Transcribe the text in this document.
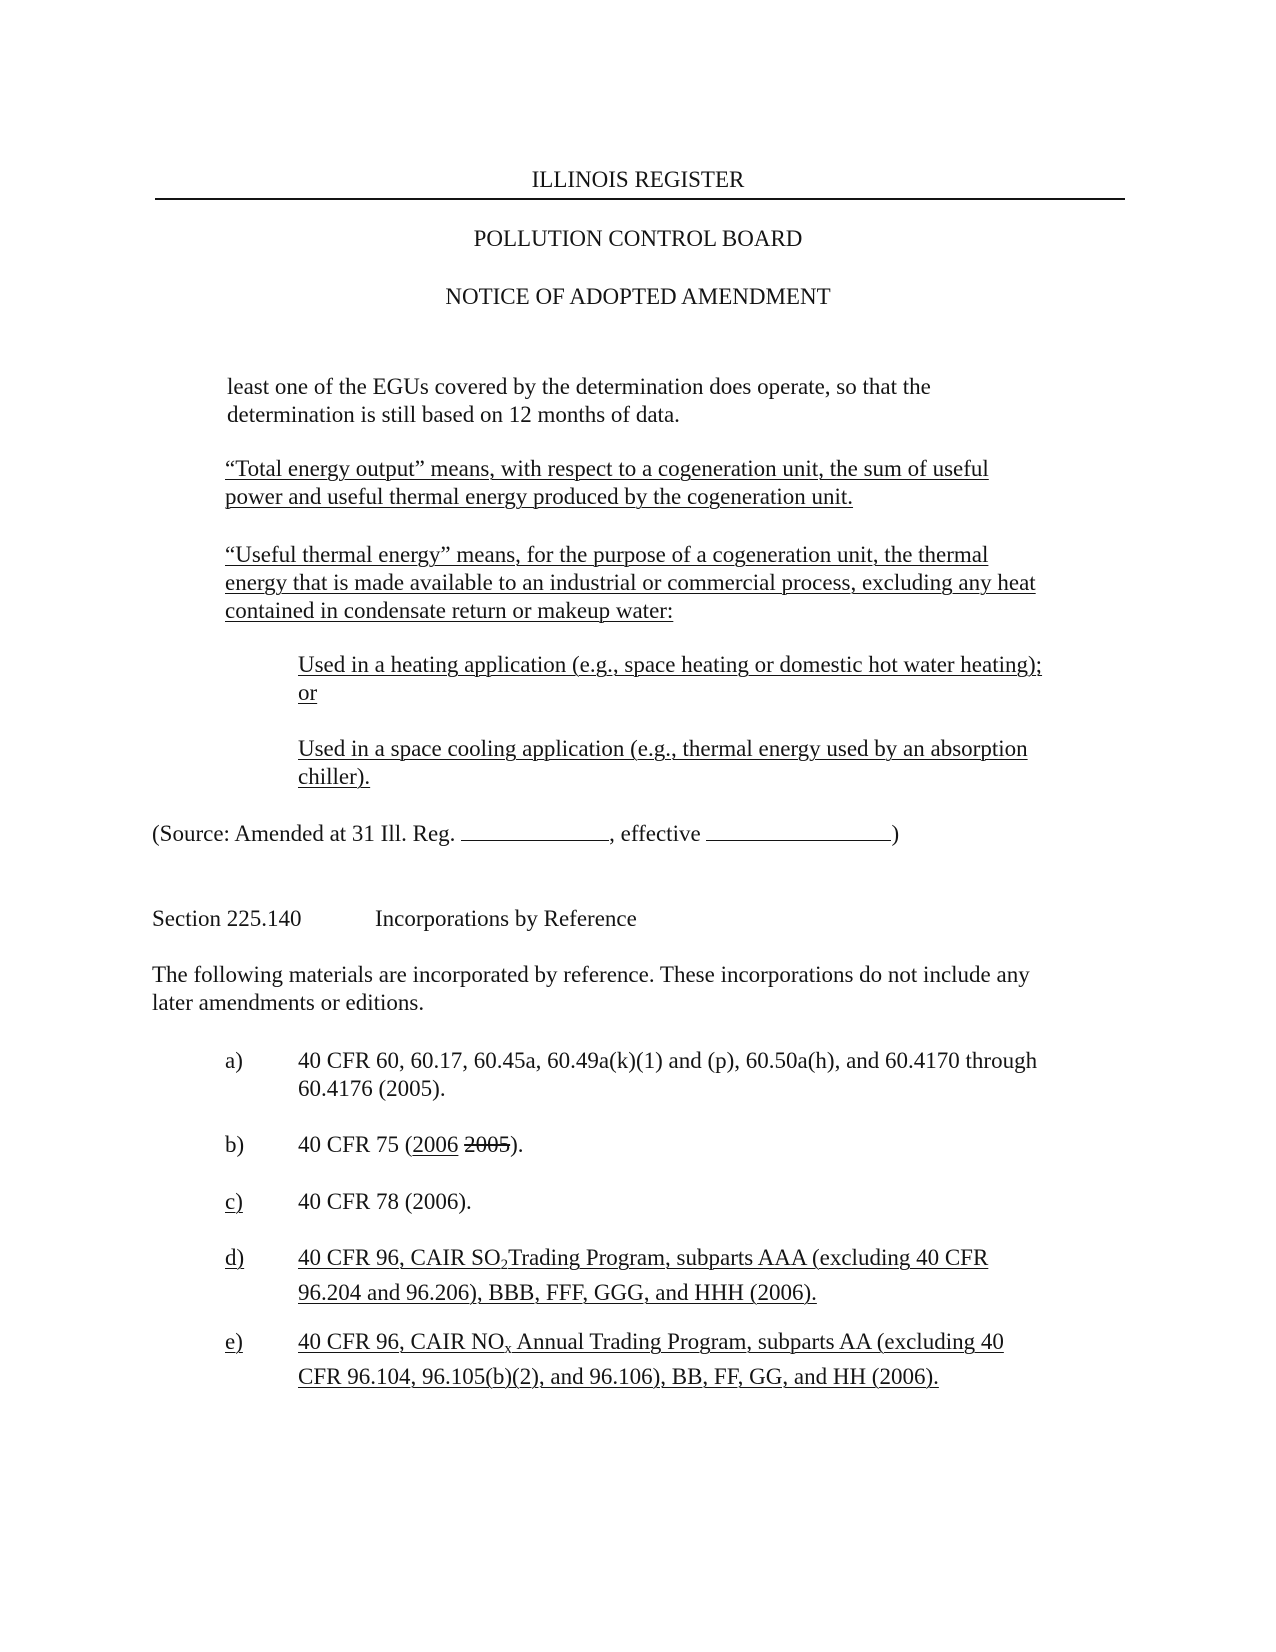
ILLINOIS REGISTER
POLLUTION CONTROL BOARD
NOTICE OF ADOPTED AMENDMENT
least one of the EGUs covered by the determination does operate, so that the
determination is still based on 12 months of data.
“Total energy output” means, with respect to a cogeneration unit, the sum of useful
power and useful thermal energy produced by the cogeneration unit.
“Useful thermal energy” means, for the purpose of a cogeneration unit, the thermal
energy that is made available to an industrial or commercial process, excluding any heat
contained in condensate return or makeup water:
Used in a heating application (e.g., space heating or domestic hot water heating);
or
Used in a space cooling application (e.g., thermal energy used by an absorption
chiller).
(Source: Amended at 31 Ill. Reg.	, effective	)
Section 225.140	Incorporations by Reference
The following materials are incorporated by reference. These incorporations do not include any
later amendments or editions.
a) 40 CFR 60, 60.17, 60.45a, 60.49a(k)(1) and (p), 60.50a(h), and 60.4170 through
60.4176 (2005).
b) 40 CFR 75 (2006 2005).
c) 40 CFR 78 (2006).
d)	40 CFR 96, CAIR $SO_2Trading$ Program, subparts AAA (excluding 40 CFR
96.204 and 96.206), BBB, FFF, GGG, and HHH (2006).
e)	40 CFR 96, CAIR $NO_x$ Annual Trading Program, subparts AA (excluding 40
CFR 96.104, 96.105(b)(2), and 96.106), BB, FF, GG, and HH (2006).
